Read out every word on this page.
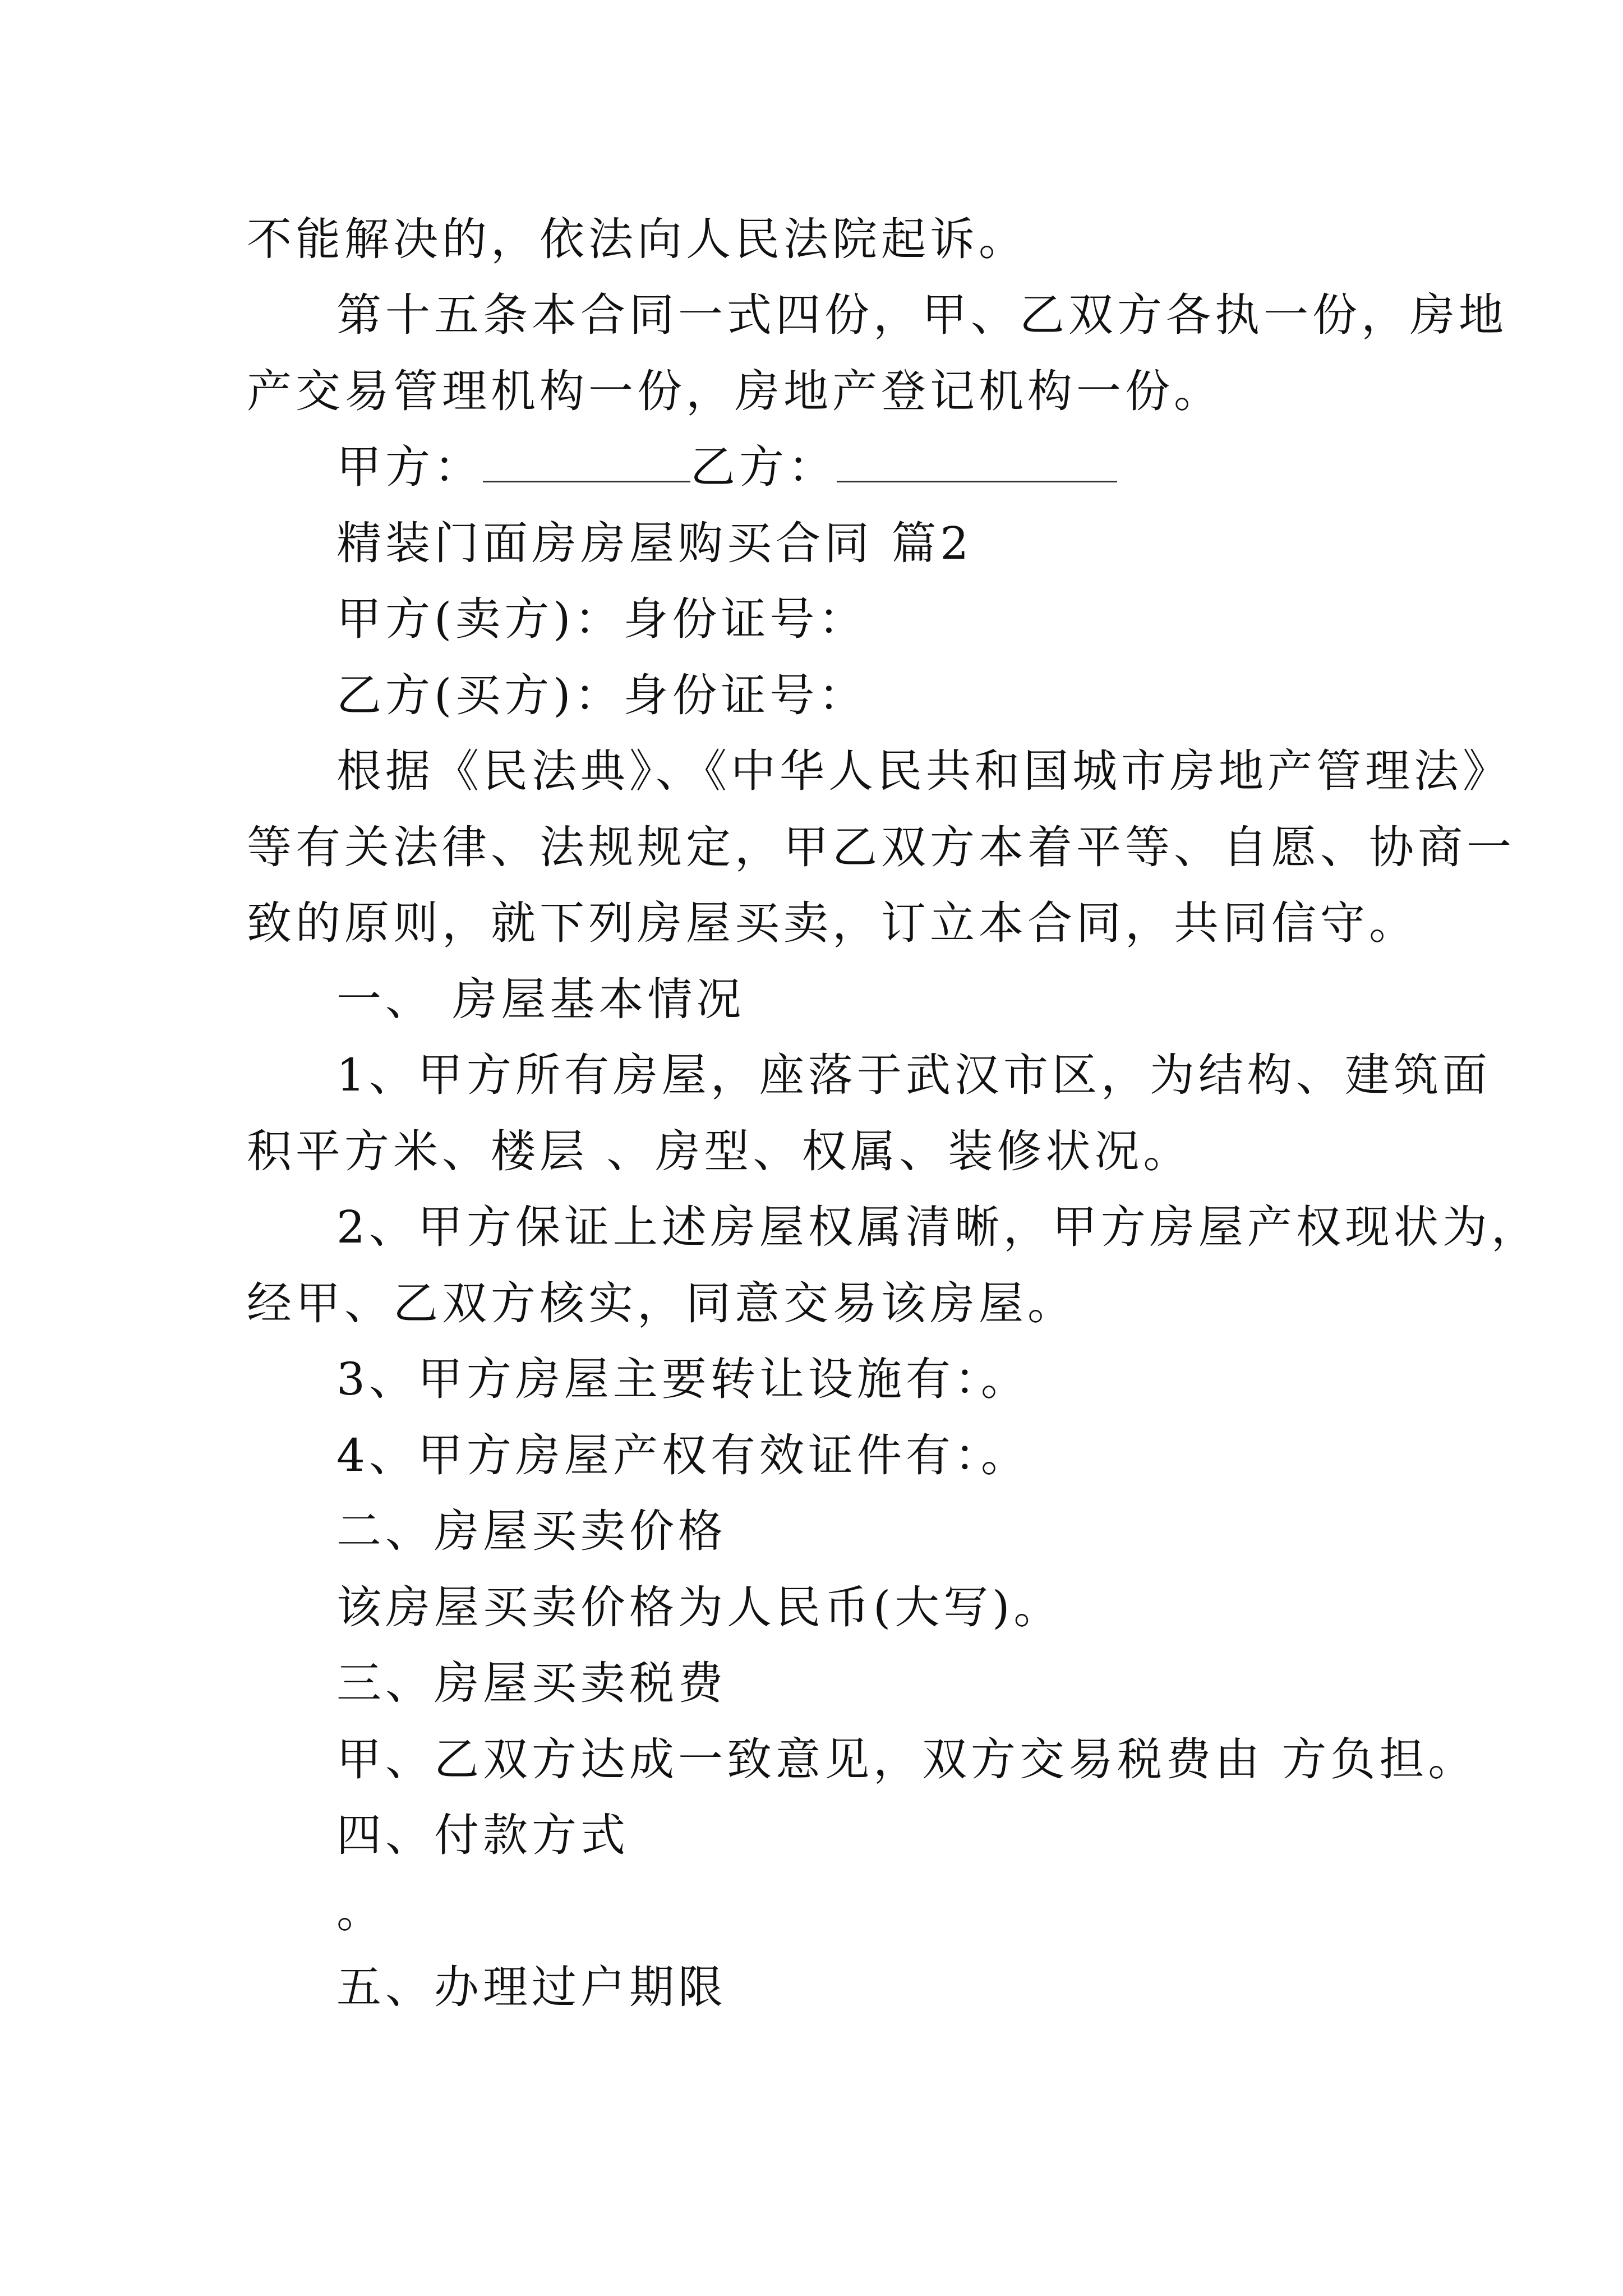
不能解决的，依法向人民法院起诉。
第十五条本合同一式四份，甲、乙双方各执一份，房地
产交易管理机构一份，房地产登记机构一份。
甲方：	乙方：
精装门面房房屋购买合同 篇2
甲方(卖方)：身份证号：
乙方(买方)：身份证号：
根据《民法典》、《中华人民共和国城市房地产管理法》
等有关法律、法规规定，甲乙双方本着平等、自愿、协商一
致的原则，就下列房屋买卖，订立本合同，共同信守。
一、 房屋基本情况
1、甲方所有房屋，座落于武汉市区，为结构、建筑面
积平方米、楼层 、房型、权属、装修状况。
2、甲方保证上述房屋权属清晰，甲方房屋产权现状为，
经甲、乙双方核实，同意交易该房屋。
3、甲方房屋主要转让设施有：。
4、甲方房屋产权有效证件有：。
二、房屋买卖价格
该房屋买卖价格为人民币(大写)。
三、房屋买卖税费
甲、乙双方达成一致意见，双方交易税费由 方负担。
四、付款方式
。
五、办理过户期限
